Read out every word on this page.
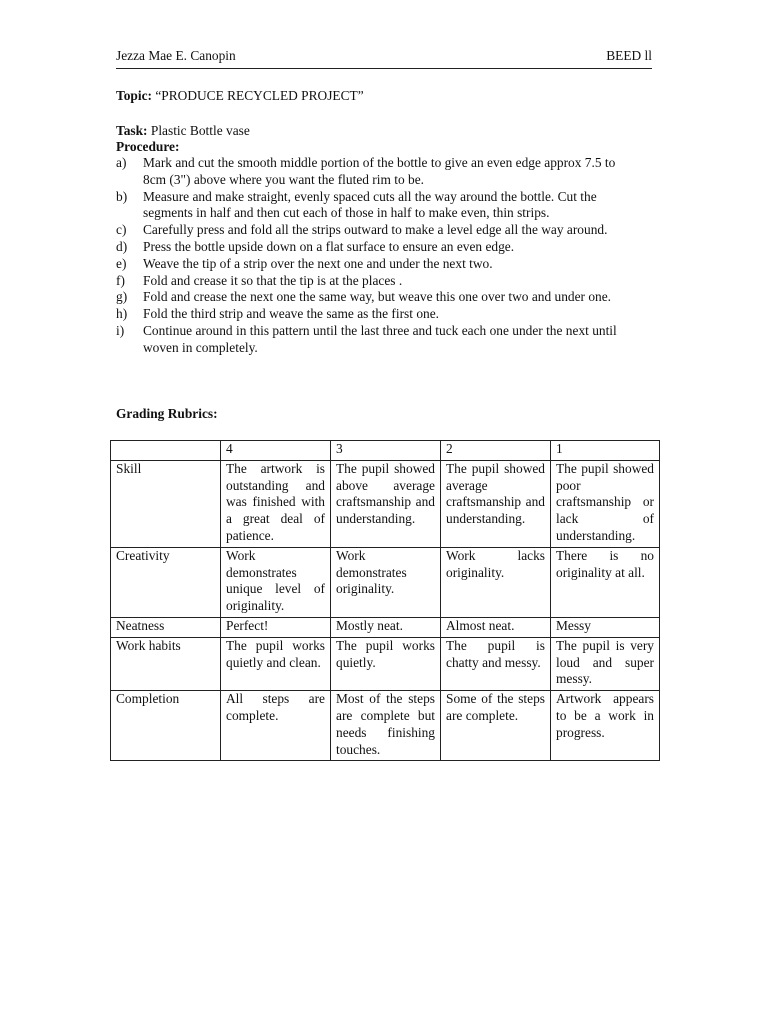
Jezza Mae E. Canopin	BEED ll
Topic: “PRODUCE RECYCLED PROJECT”
Task: Plastic Bottle vase
Procedure:
a) Mark and cut the smooth middle portion of the bottle to give an even edge approx 7.5 to 8cm (3") above where you want the fluted rim to be.
b) Measure and make straight, evenly spaced cuts all the way around the bottle. Cut the segments in half and then cut each of those in half to make even, thin strips.
c) Carefully press and fold all the strips outward to make a level edge all the way around.
d) Press the bottle upside down on a flat surface to ensure an even edge.
e) Weave the tip of a strip over the next one and under the next two.
f) Fold and crease it so that the tip is at the places .
g) Fold and crease the next one the same way, but weave this one over two and under one.
h) Fold the third strip and weave the same as the first one.
i) Continue around in this pattern until the last three and tuck each one under the next until woven in completely.
Grading Rubrics:
	4	3	2	1
Skill	The artwork is outstanding and was finished with a great deal of patience.	The pupil showed above average craftsmanship and understanding.	The pupil showed average craftsmanship and understanding.	The pupil showed poor craftsmanship or lack of understanding.
Creativity	Work demonstrates unique level of originality.	Work demonstrates originality.	Work lacks originality.	There is no originality at all.
Neatness	Perfect!	Mostly neat.	Almost neat.	Messy
Work habits	The pupil works quietly and clean.	The pupil works quietly.	The pupil is chatty and messy.	The pupil is very loud and super messy.
Completion	All steps are complete.	Most of the steps are complete but needs finishing touches.	Some of the steps are complete.	Artwork appears to be a work in progress.
